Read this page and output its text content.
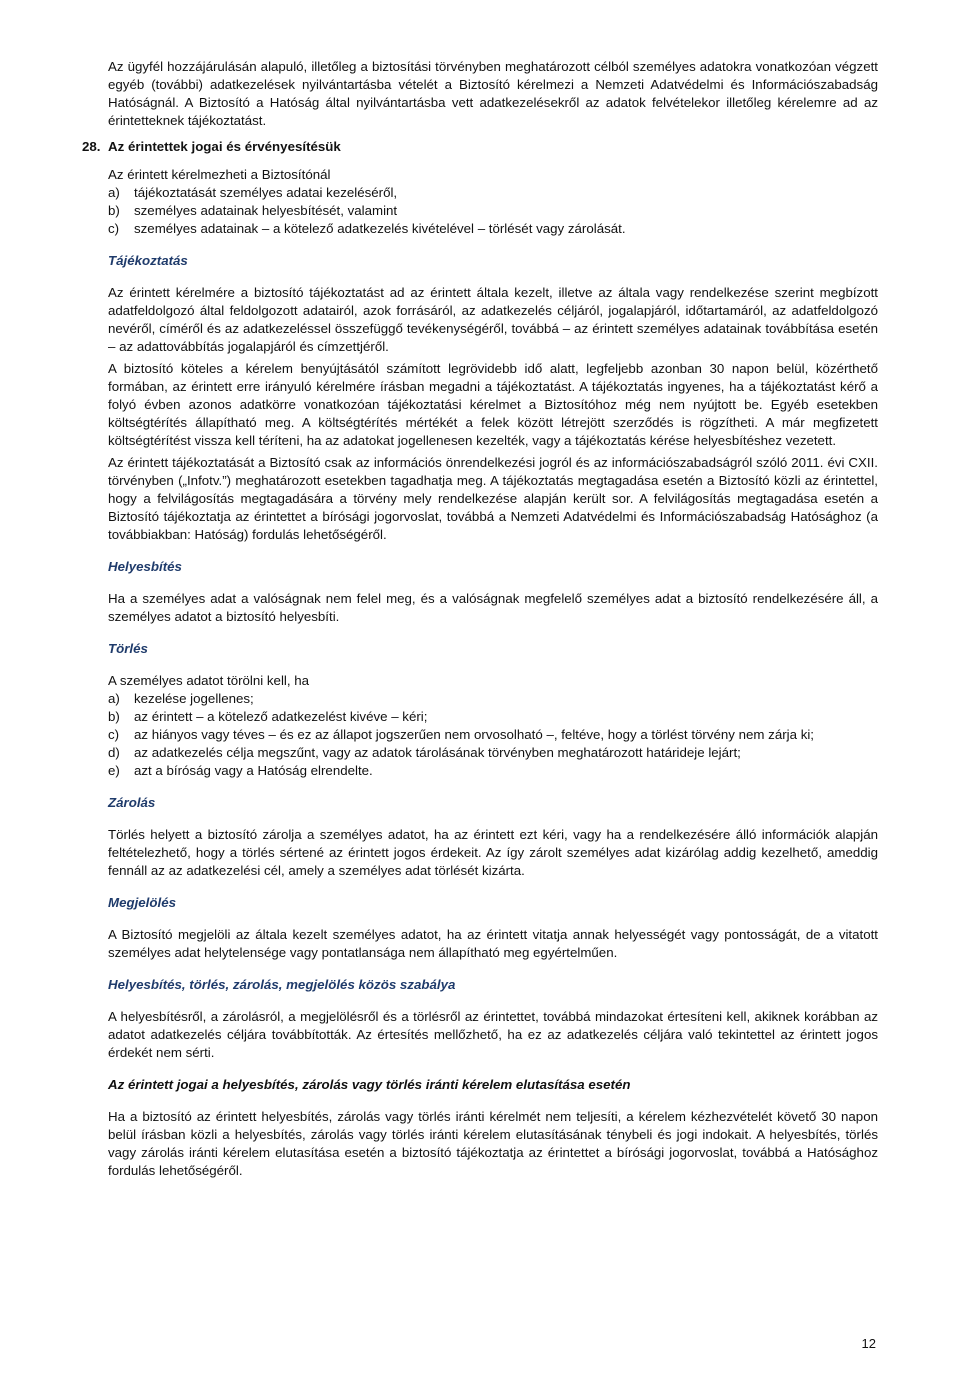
Az ügyfél hozzájárulásán alapuló, illetőleg a biztosítási törvényben meghatározott célból személyes adatokra vonatkozóan végzett egyéb (további) adatkezelések nyilvántartásba vételét a Biztosító kérelmezi a Nemzeti Adatvédelmi és Információszabadság Hatóságnál. A Biztosító a Hatóság által nyilvántartásba vett adatkezelésekről az adatok felvételekor illetőleg kérelemre ad az érintetteknek tájékoztatást.

28. Az érintettek jogai és érvényesítésük

Az érintett kérelmezheti a Biztosítónál

a) tájékoztatását személyes adatai kezeléséről,
b) személyes adatainak helyesbítését, valamint
c) személyes adatainak – a kötelező adatkezelés kivételével – törlését vagy zárolását.
Tájékoztatás

Az érintett kérelmére a biztosító tájékoztatást ad az érintett általa kezelt, illetve az általa vagy rendelkezése szerint megbízott adatfeldolgozó által feldolgozott adatairól, azok forrásáról, az adatkezelés céljáról, jogalapjáról, időtartamáról, az adatfeldolgozó nevéről, címéről és az adatkezeléssel összefüggő tevékenységéről, továbbá – az érintett személyes adatainak továbbítása esetén – az adattovábbítás jogalapjáról és címzettjéről.

A biztosító köteles a kérelem benyújtásától számított legrövidebb idő alatt, legfeljebb azonban 30 napon belül, közérthető formában, az érintett erre irányuló kérelmére írásban megadni a tájékoztatást. A tájékoztatás ingyenes, ha a tájékoztatást kérő a folyó évben azonos adatkörre vonatkozóan tájékoztatási kérelmet a Biztosítóhoz még nem nyújtott be. Egyéb esetekben költségtérítés állapítható meg. A költségtérítés mértékét a felek között létrejött szerződés is rögzítheti. A már megfizetett költségtérítést vissza kell téríteni, ha az adatokat jogellenesen kezelték, vagy a tájékoztatás kérése helyesbítéshez vezetett.

Az érintett tájékoztatását a Biztosító csak az információs önrendelkezési jogról és az információszabadságról szóló 2011. évi CXII. törvényben („Infotv.”) meghatározott esetekben tagadhatja meg. A tájékoztatás megtagadása esetén a Biztosító közli az érintettel, hogy a felvilágosítás megtagadására a törvény mely rendelkezése alapján került sor. A felvilágosítás megtagadása esetén a Biztosító tájékoztatja az érintettet a bírósági jogorvoslat, továbbá a Nemzeti Adatvédelmi és Információszabadság Hatósághoz (a továbbiakban: Hatóság) fordulás lehetőségéről.

Helyesbítés

Ha a személyes adat a valóságnak nem felel meg, és a valóságnak megfelelő személyes adat a biztosító rendelkezésére áll, a személyes adatot a biztosító helyesbíti.

Törlés

A személyes adatot törölni kell, ha

a) kezelése jogellenes;
b) az érintett – a kötelező adatkezelést kivéve – kéri;
c) az hiányos vagy téves – és ez az állapot jogszerűen nem orvosolható –, feltéve, hogy a törlést törvény nem zárja ki;
d) az adatkezelés célja megszűnt, vagy az adatok tárolásának törvényben meghatározott határideje lejárt;
e) azt a bíróság vagy a Hatóság elrendelte.
Zárolás

Törlés helyett a biztosító zárolja a személyes adatot, ha az érintett ezt kéri, vagy ha a rendelkezésére álló információk alapján feltételezhető, hogy a törlés sértené az érintett jogos érdekeit. Az így zárolt személyes adat kizárólag addig kezelhető, ameddig fennáll az az adatkezelési cél, amely a személyes adat törlését kizárta.

Megjelölés

A Biztosító megjelöli az általa kezelt személyes adatot, ha az érintett vitatja annak helyességét vagy pontosságát, de a vitatott személyes adat helytelensége vagy pontatlansága nem állapítható meg egyértelműen.

Helyesbítés, törlés, zárolás, megjelölés közös szabálya

A helyesbítésről, a zárolásról, a megjelölésről és a törlésről az érintettet, továbbá mindazokat értesíteni kell, akiknek korábban az adatot adatkezelés céljára továbbították. Az értesítés mellőzhető, ha ez az adatkezelés céljára való tekintettel az érintett jogos érdekét nem sérti.

Az érintett jogai a helyesbítés, zárolás vagy törlés iránti kérelem elutasítása esetén

Ha a biztosító az érintett helyesbítés, zárolás vagy törlés iránti kérelmét nem teljesíti, a kérelem kézhezvételét követő 30 napon belül írásban közli a helyesbítés, zárolás vagy törlés iránti kérelem elutasításának ténybeli és jogi indokait. A helyesbítés, törlés vagy zárolás iránti kérelem elutasítása esetén a biztosító tájékoztatja az érintettet a bírósági jogorvoslat, továbbá a Hatósághoz fordulás lehetőségéről.

12
